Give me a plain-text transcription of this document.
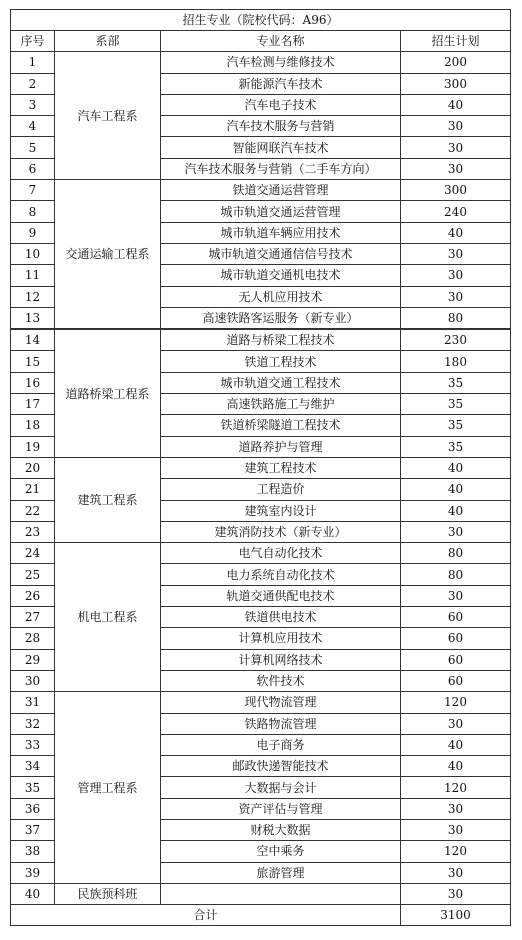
招生专业（院校代码：A96）			
序号	系部	专业名称	招生计划
1	汽车工程系	汽车检测与维修技术	200
2		新能源汽车技术	300
3		汽车电子技术	40
4		汽车技术服务与营销	30
5		智能网联汽车技术	30
6		汽车技术服务与营销（二手车方向）	30
7	交通运输工程系	铁道交通运营管理	300
8		城市轨道交通运营管理	240
9		城市轨道车辆应用技术	40
10		城市轨道交通通信信号技术	30
11		城市轨道交通机电技术	30
12		无人机应用技术	30
13		高速铁路客运服务（新专业）	80
14	道路桥梁工程系	道路与桥梁工程技术	230
15		铁道工程技术	180
16		城市轨道交通工程技术	35
17		高速铁路施工与维护	35
18		铁道桥梁隧道工程技术	35
19		道路养护与管理	35
20	建筑工程系	建筑工程技术	40
21		工程造价	40
22		建筑室内设计	40
23		建筑消防技术（新专业）	30
24	机电工程系	电气自动化技术	80
25		电力系统自动化技术	80
26		轨道交通供配电技术	30
27		铁道供电技术	60
28		计算机应用技术	60
29		计算机网络技术	60
30		软件技术	60
31	管理工程系	现代物流管理	120
32		铁路物流管理	30
33		电子商务	40
34		邮政快递智能技术	40
35		大数据与会计	120
36		资产评估与管理	30
37		财税大数据	30
38		空中乘务	120
39		旅游管理	30
40	民族预科班		30
合计			3100
